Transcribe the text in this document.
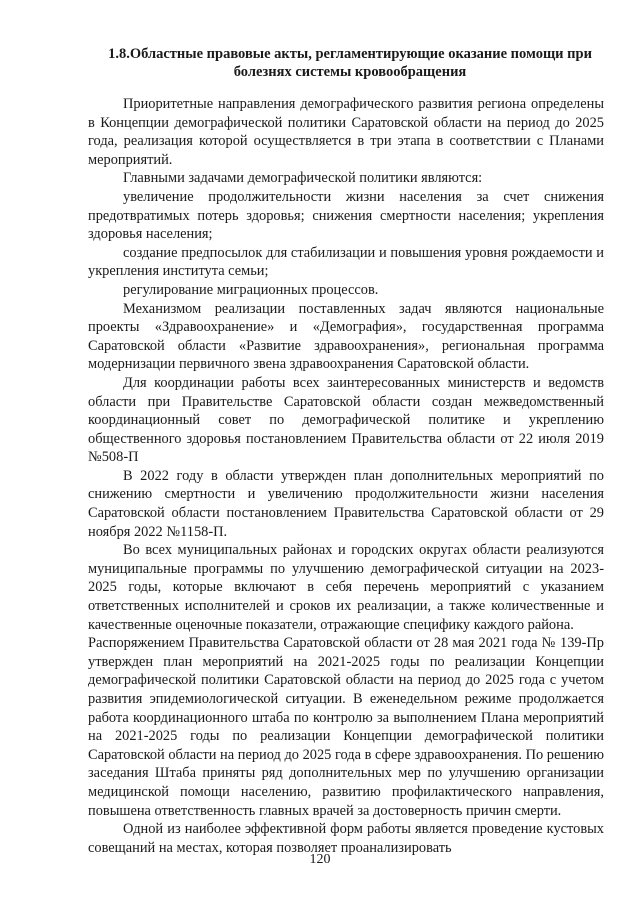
1.8.Областные правовые акты, регламентирующие оказание помощи при болезнях системы кровообращения

Приоритетные направления демографического развития региона определены в Концепции демографической политики Саратовской области на период до 2025 года, реализация которой осуществляется в три этапа в соответствии с Планами мероприятий.

Главными задачами демографической политики являются:

увеличение продолжительности жизни населения за счет снижения предотвратимых потерь здоровья; снижения смертности населения; укрепления здоровья населения;

создание предпосылок для стабилизации и повышения уровня рождаемости и укрепления института семьи;

регулирование миграционных процессов.

Механизмом реализации поставленных задач являются национальные проекты «Здравоохранение» и «Демография», государственная программа Саратовской области «Развитие здравоохранения», региональная программа модернизации первичного звена здравоохранения Саратовской области.

Для координации работы всех заинтересованных министерств и ведомств области при Правительстве Саратовской области создан межведомственный координационный совет по демографической политике и укреплению общественного здоровья постановлением Правительства области от 22 июля 2019 №508-П

В 2022 году в области утвержден план дополнительных мероприятий по снижению смертности и увеличению продолжительности жизни населения Саратовской области постановлением Правительства Саратовской области от 29 ноября 2022 №1158-П.

Во всех муниципальных районах и городских округах области реализуются муниципальные программы по улучшению демографической ситуации на 2023-2025 годы, которые включают в себя перечень мероприятий с указанием ответственных исполнителей и сроков их реализации, а также количественные и качественные оценочные показатели, отражающие специфику каждого района.

Распоряжением Правительства Саратовской области от 28 мая 2021 года № 139-Пр утвержден план мероприятий на 2021-2025 годы по реализации Концепции демографической политики Саратовской области на период до 2025 года с учетом развития эпидемиологической ситуации. В еженедельном режиме продолжается работа координационного штаба по контролю за выполнением Плана мероприятий на 2021-2025 годы по реализации Концепции демографической политики Саратовской области на период до 2025 года в сфере здравоохранения. По решению заседания Штаба приняты ряд дополнительных мер по улучшению организации медицинской помощи населению, развитию профилактического направления, повышена ответственность главных врачей за достоверность причин смерти.

Одной из наиболее эффективной форм работы является проведение кустовых совещаний на местах, которая позволяет проанализировать

120
